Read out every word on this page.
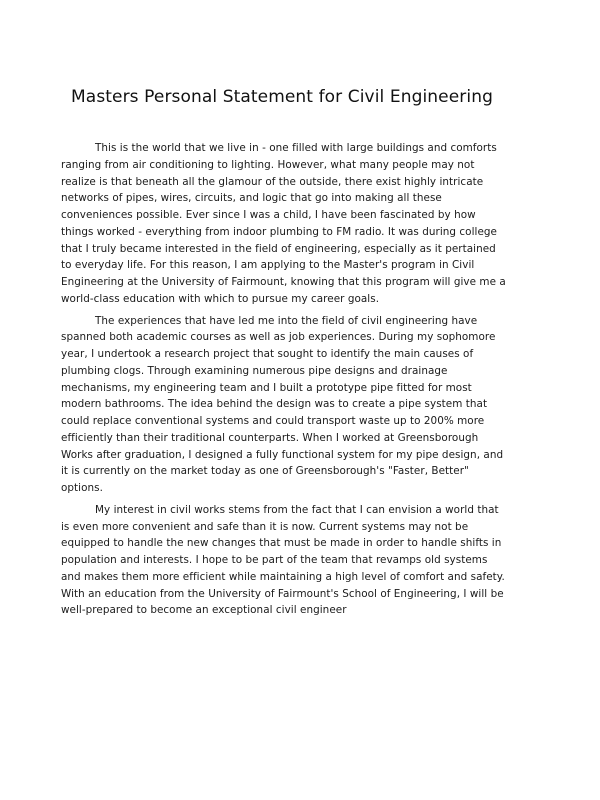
Masters Personal Statement for Civil Engineering

This is the world that we live in - one filled with large buildings and comforts ranging from air conditioning to lighting. However, what many people may not realize is that beneath all the glamour of the outside, there exist highly intricate networks of pipes, wires, circuits, and logic that go into making all these conveniences possible. Ever since I was a child, I have been fascinated by how things worked - everything from indoor plumbing to FM radio. It was during college that I truly became interested in the field of engineering, especially as it pertained to everyday life. For this reason, I am applying to the Master's program in Civil Engineering at the University of Fairmount, knowing that this program will give me a world-class education with which to pursue my career goals.

The experiences that have led me into the field of civil engineering have spanned both academic courses as well as job experiences. During my sophomore year, I undertook a research project that sought to identify the main causes of plumbing clogs. Through examining numerous pipe designs and drainage mechanisms, my engineering team and I built a prototype pipe fitted for most modern bathrooms. The idea behind the design was to create a pipe system that could replace conventional systems and could transport waste up to 200% more efficiently than their traditional counterparts. When I worked at Greensborough Works after graduation, I designed a fully functional system for my pipe design, and it is currently on the market today as one of Greensborough's "Faster, Better" options.

My interest in civil works stems from the fact that I can envision a world that is even more convenient and safe than it is now. Current systems may not be equipped to handle the new changes that must be made in order to handle shifts in population and interests. I hope to be part of the team that revamps old systems and makes them more efficient while maintaining a high level of comfort and safety. With an education from the University of Fairmount's School of Engineering, I will be well-prepared to become an exceptional civil engineer
